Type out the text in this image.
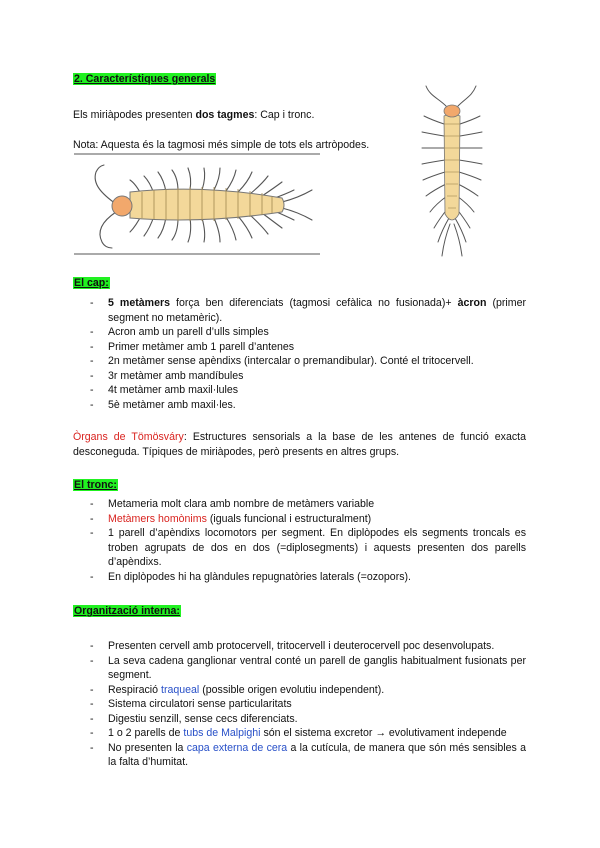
2. Característiques generals
Els miriàpodes presenten dos tagmes: Cap i tronc.
Nota: Aquesta és la tagmosi més simple de tots els artròpodes.
El cap:
- 5 metàmers força ben diferenciats (tagmosi cefàlica no fusionada)+ àcron (primer segment no metamèric).
- Acron amb un parell d’ulls simples
- Primer metàmer amb 1 parell d’antenes
- 2n metàmer sense apèndixs (intercalar o premandibular). Conté el tritocervell.
- 3r metàmer amb mandíbules
- 4t metàmer amb maxil·lules
- 5è metàmer amb maxil·les.
Òrgans de Tömösváry: Estructures sensorials a la base de les antenes de funció exacta desconeguda. Típiques de miriàpodes, però presents en altres grups.
El tronc:
- Metameria molt clara amb nombre de metàmers variable
- Metàmers homònims (iguals funcional i estructuralment)
- 1 parell d’apèndixs locomotors per segment. En diplòpodes els segments troncals es troben agrupats de dos en dos (=diplosegments) i aquests presenten dos parells d’apèndixs.
- En diplòpodes hi ha glàndules repugnatòries laterals (=ozopors).
Organització interna:
- Presenten cervell amb protocervell, tritocervell i deuterocervell poc desenvolupats.
- La seva cadena ganglionar ventral conté un parell de ganglis habitualment fusionats per segment.
- Respiració traqueal (possible origen evolutiu independent).
- Sistema circulatori sense particularitats
- Digestiu senzill, sense cecs diferenciats.
- 1 o 2 parells de tubs de Malpighi són el sistema excretor → evolutivament independe
- No presenten la capa externa de cera a la cutícula, de manera que són més sensibles a la falta d’humitat.
